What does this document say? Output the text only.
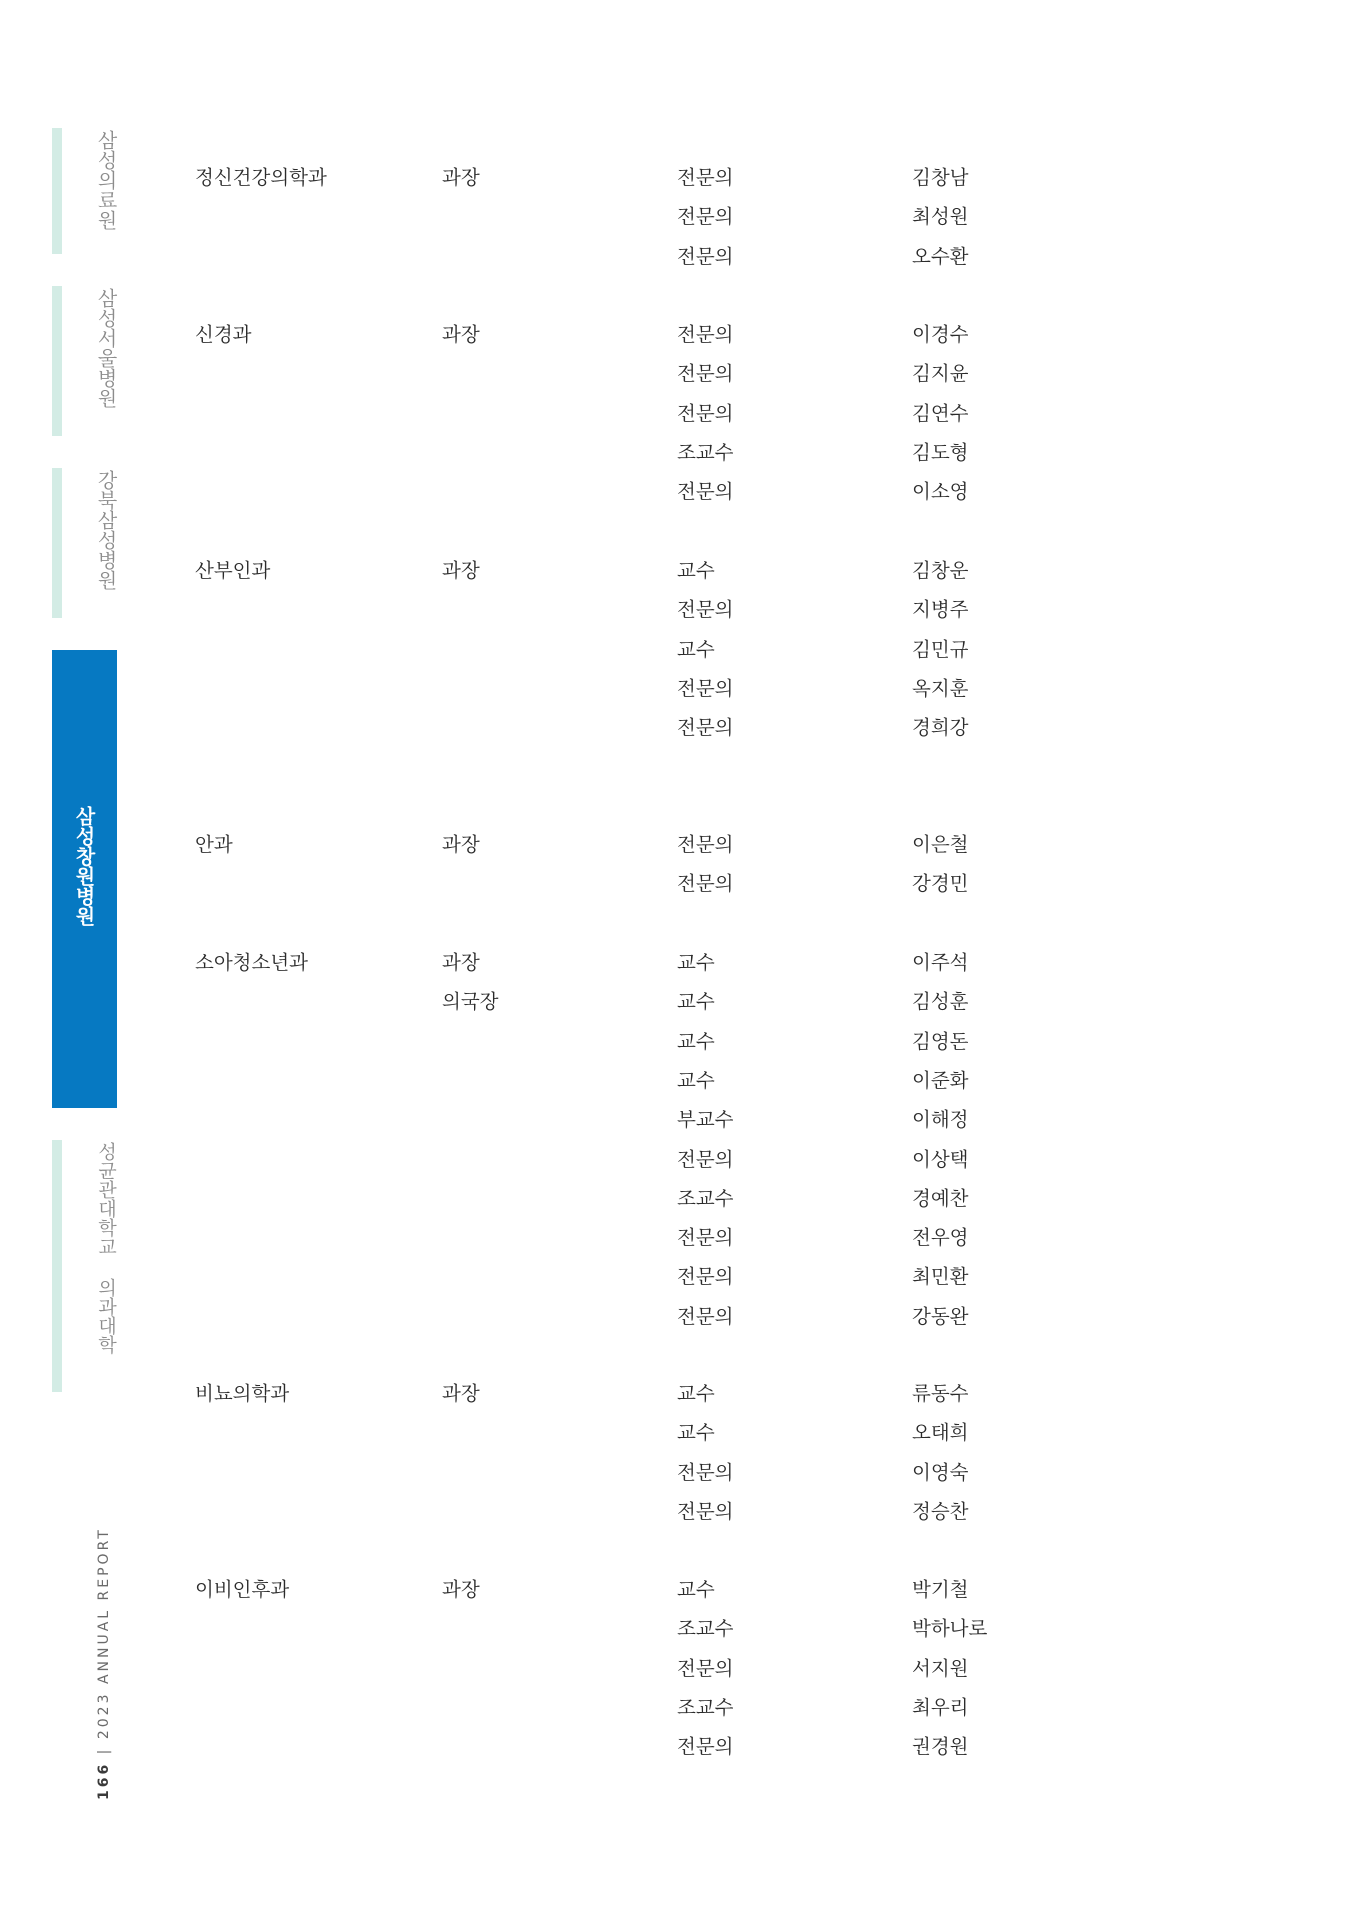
삼성의료원
삼성서울병원
강북삼성병원
삼성창원병원
성균관대학교 의과대학
166 | 2023 ANNUAL REPORT
정신건강의학과	과장	전문의	김창남
전문의	최성원
전문의	오수환
신경과	과장	전문의	이경수
전문의	김지윤
전문의	김연수
조교수	김도형
전문의	이소영
산부인과	과장	교수	김창운
전문의	지병주
교수	김민규
전문의	옥지훈
전문의	경희강
안과	과장	전문의	이은철
전문의	강경민
소아청소년과	과장	교수	이주석
의국장	교수	김성훈
교수	김영돈
교수	이준화
부교수	이해정
전문의	이상택
조교수	경예찬
전문의	전우영
전문의	최민환
전문의	강동완
비뇨의학과	과장	교수	류동수
교수	오태희
전문의	이영숙
전문의	정승찬
이비인후과	과장	교수	박기철
조교수	박하나로
전문의	서지원
조교수	최우리
전문의	권경원
